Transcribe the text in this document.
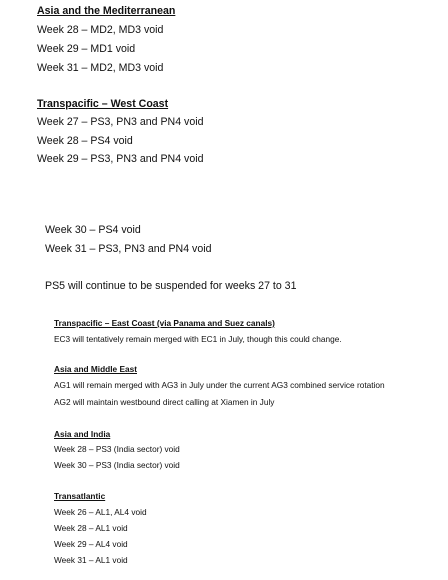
Asia and the Mediterranean
Week 28 – MD2, MD3 void
Week 29 – MD1 void
Week 31 – MD2, MD3 void
Transpacific – West Coast
Week 27 – PS3, PN3 and PN4 void
Week 28 – PS4 void
Week 29 – PS3, PN3 and PN4 void
Week 30 – PS4 void
Week 31 – PS3, PN3 and PN4 void
PS5 will continue to be suspended for weeks 27 to 31
Transpacific – East Coast (via Panama and Suez canals)
EC3 will tentatively remain merged with EC1 in July, though this could change.
Asia and Middle East
AG1 will remain merged with AG3 in July under the current AG3 combined service rotation
AG2 will maintain westbound direct calling at Xiamen in July
Asia and India
Week 28 – PS3 (India sector) void
Week 30 – PS3 (India sector) void
Transatlantic
Week 26 – AL1, AL4 void
Week 28 – AL1 void
Week 29 – AL4 void
Week 31 – AL1 void
